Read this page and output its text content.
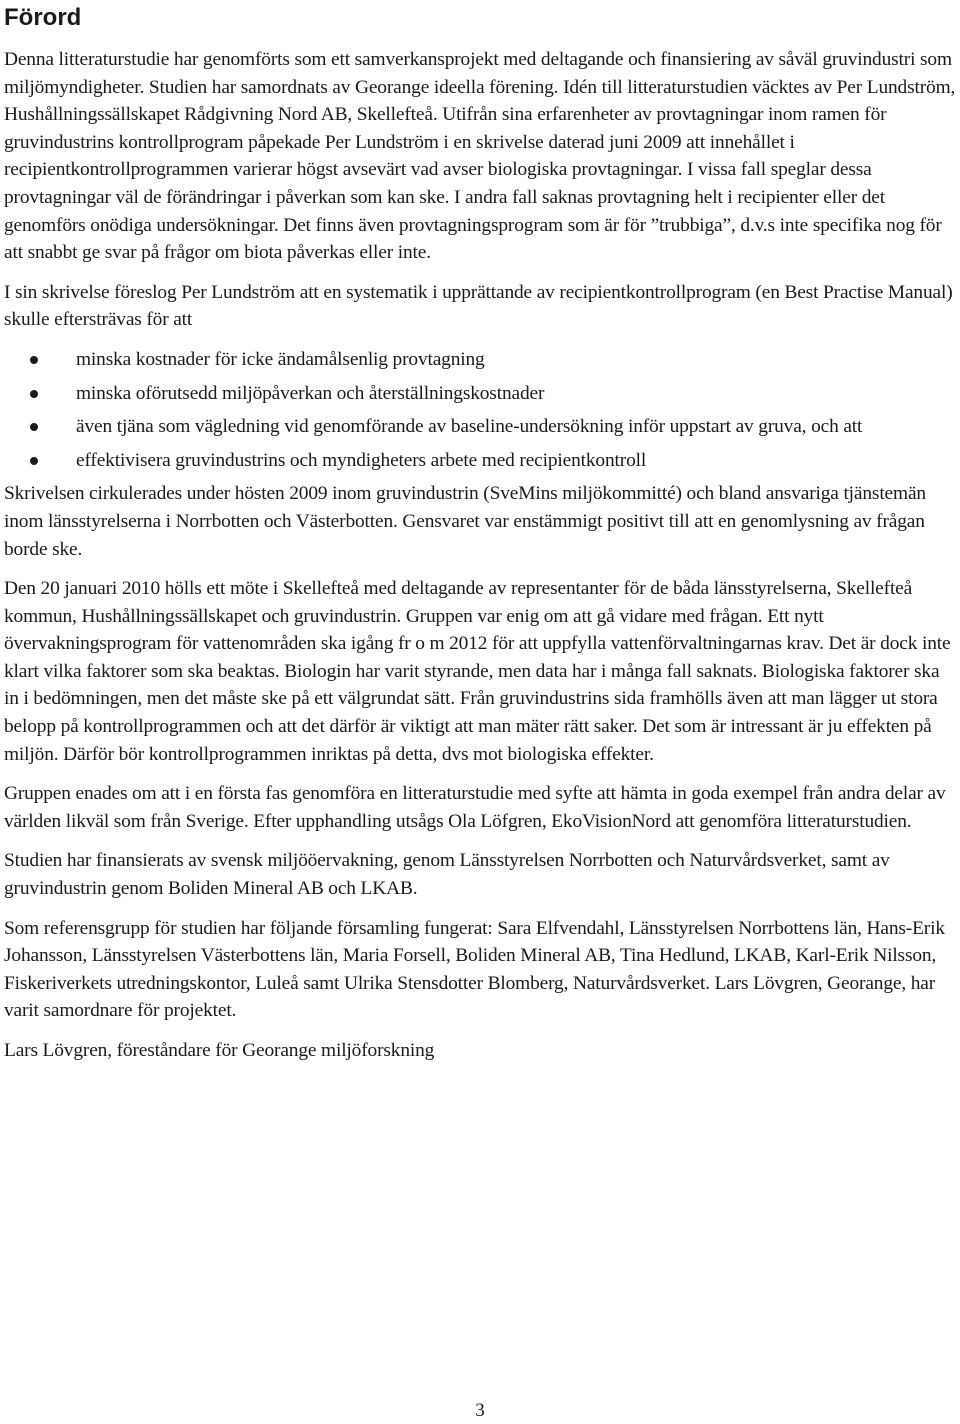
Förord

Denna litteraturstudie har genomförts som ett samverkansprojekt med deltagande och finansiering av såväl gruvindustri som miljömyndigheter. Studien har samordnats av Georange ideella förening. Idén till litteraturstudien väcktes av Per Lundström, Hushållningssällskapet Rådgivning Nord AB, Skellefteå. Utifrån sina erfarenheter av provtagningar inom ramen för gruvindustrins kontrollprogram påpekade Per Lundström i en skrivelse daterad juni 2009 att innehållet i recipientkontrollprogrammen varierar högst avsevärt vad avser biologiska provtagningar. I vissa fall speglar dessa provtagningar väl de förändringar i påverkan som kan ske. I andra fall saknas provtagning helt i recipienter eller det genomförs onödiga undersökningar. Det finns även provtagningsprogram som är för ”trubbiga”, d.v.s inte specifika nog för att snabbt ge svar på frågor om biota påverkas eller inte.

I sin skrivelse föreslog Per Lundström att en systematik i upprättande av recipientkontrollprogram (en Best Practise Manual) skulle eftersträvas för att

minska kostnader för icke ändamålsenlig provtagning
minska oförutsedd miljöpåverkan och återställningskostnader
även tjäna som vägledning vid genomförande av baseline-undersökning inför uppstart av gruva, och att
effektivisera gruvindustrins och myndigheters arbete med recipientkontroll

Skrivelsen cirkulerades under hösten 2009 inom gruvindustrin (SveMins miljökommitté) och bland ansvariga tjänstemän inom länsstyrelserna i Norrbotten och Västerbotten. Gensvaret var enstämmigt positivt till att en genomlysning av frågan borde ske.

Den 20 januari 2010 hölls ett möte i Skellefteå med deltagande av representanter för de båda länsstyrelserna, Skellefteå kommun, Hushållningssällskapet och gruvindustrin. Gruppen var enig om att gå vidare med frågan. Ett nytt övervakningsprogram för vattenområden ska igång fr o m 2012 för att uppfylla vattenförvaltningarnas krav. Det är dock inte klart vilka faktorer som ska beaktas. Biologin har varit styrande, men data har i många fall saknats. Biologiska faktorer ska in i bedömningen, men det måste ske på ett välgrundat sätt. Från gruvindustrins sida framhölls även att man lägger ut stora belopp på kontrollprogrammen och att det därför är viktigt att man mäter rätt saker. Det som är intressant är ju effekten på miljön. Därför bör kontrollprogrammen inriktas på detta, dvs mot biologiska effekter.

Gruppen enades om att i en första fas genomföra en litteraturstudie med syfte att hämta in goda exempel från andra delar av världen likväl som från Sverige. Efter upphandling utsågs Ola Löfgren, EkoVisionNord att genomföra litteraturstudien.

Studien har finansierats av svensk miljööervakning, genom Länsstyrelsen Norrbotten och Naturvårdsverket, samt av gruvindustrin genom Boliden Mineral AB och LKAB.

Som referensgrupp för studien har följande församling fungerat: Sara Elfvendahl, Länsstyrelsen Norrbottens län, Hans-Erik Johansson, Länsstyrelsen Västerbottens län, Maria Forsell, Boliden Mineral AB, Tina Hedlund, LKAB, Karl-Erik Nilsson, Fiskeriverkets utredningskontor, Luleå samt Ulrika Stensdotter Blomberg, Naturvårdsverket. Lars Lövgren, Georange, har varit samordnare för projektet.

Lars Lövgren, föreståndare för Georange miljöforskning

3
